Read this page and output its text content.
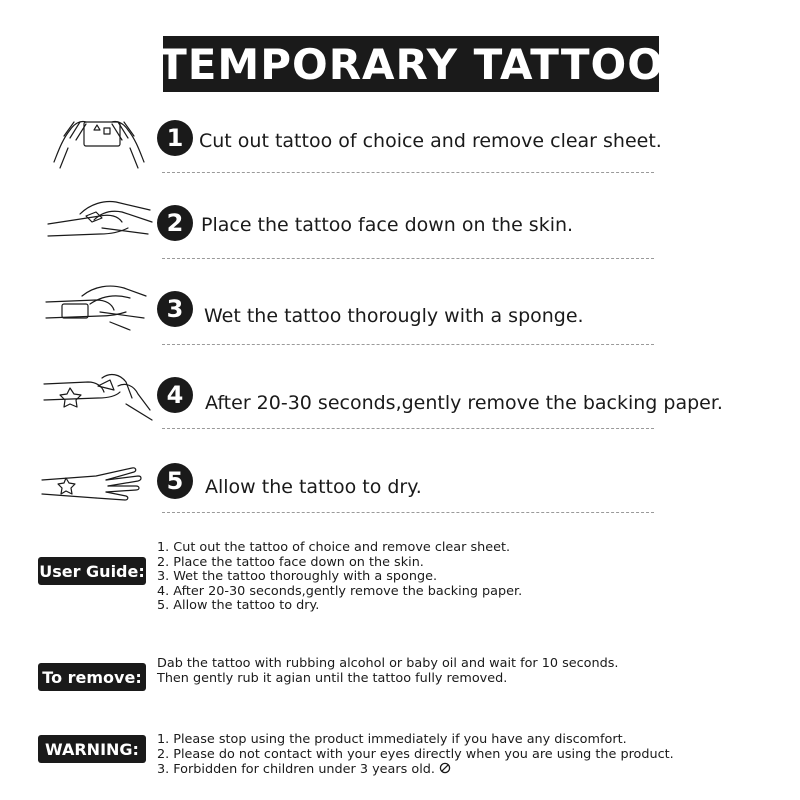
TEMPORARY TATTOO
1 Cut out tattoo of choice and remove clear sheet.
2 Place the tattoo face down on the skin.
3	Wet the tattoo thorougly with a sponge.
4	After 20-30 seconds,gently remove the backing paper.
5	Allow the tattoo to dry.
User Guide:
1. Cut out the tattoo of choice and remove clear sheet.
2. Place the tattoo face down on the skin.
3. Wet the tattoo thoroughly with a sponge.
4. After 20-30 seconds,gently remove the backing paper.
5. Allow the tattoo to dry.
To remove:
Dab the tattoo with rubbing alcohol or baby oil and wait for 10 seconds.
Then gently rub it agian until the tattoo fully removed.
WARNING:	1. Please stop using the product immediately if you have any discomfort.
2. Please do not contact with your eyes directly when you are using the product.
3. Forbidden for children under 3 years old.
